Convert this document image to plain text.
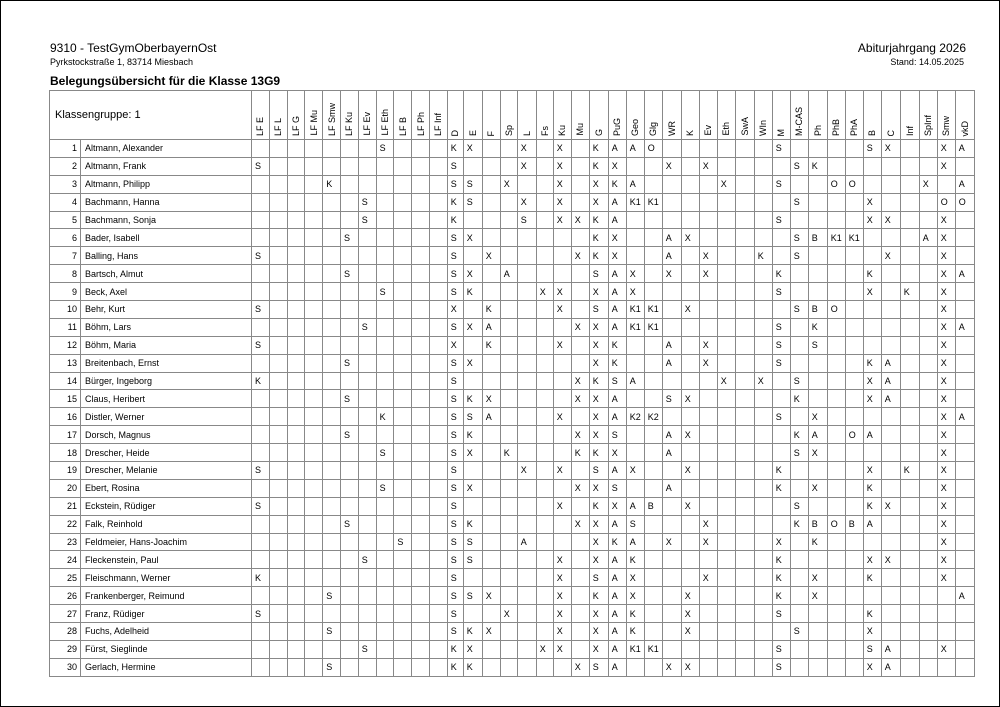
9310 - TestGymOberbayernOst
Pyrkstockstraße 1, 83714 Miesbach
Abiturjahrgang 2026
Stand: 14.05.2025
Belegungsübersicht für die Klasse 13G9
Klassengruppe: 1		LF E	LF L	LF G	LF Mu	LF Smw	LF Ku	LF Ev	LF Eth	LF B	LF Ph	LF Inf	D	E	F	Sp	L	Fs	Ku	Mu	G	PuG	Geo	Glg	WR	K	Ev	Eth	SwA	WIn	M	M-CAS	Ph	PhB	PhA	B	C	Inf	SpInf	Smw	vkD

1	Altmann, Alexander								S				K	X			X		X		K	A	A	O							S					S	X			X	A
2	Altmann, Frank	S											S				X		X		K	X			X		X					S	K							X	
3	Altmann, Philipp					K							S	S		X			X		X	K	A					X			S			O	O				X		A
4	Bachmann, Hanna							S					K	S			X		X		X	A	K1	K1								S				X				O	O
5	Bachmann, Sonja							S					K				S		X	X	K	A									S					X	X			X	
6	Bader, Isabell						S						S	X							K	X			A	X						S	B	K1	K1				A	X	
7	Balling, Hans	S											S		X					X	K	X			A		X			K		S					X			X	
8	Bartsch, Almut						S						S	X		A					S	A	X		X		X				K					K				X	A
9	Beck, Axel								S				S	K				X	X		X	A	X								S					X		K		X	
10	Behr, Kurt	S											X		K				X		S	A	K1	K1		X						S	B	O						X	
11	Böhm, Lars							S					S	X	A					X	X	A	K1	K1							S		K							X	A
12	Böhm, Maria	S											X		K				X		X	K			A		X				S		S							X	
13	Breitenbach, Ernst						S						S	X							X	K			A		X				S					K	A			X	
14	Bürger, Ingeborg	K											S							X	K	S	A					X		X		S				X	A			X	
15	Claus, Heribert						S						S	K	X					X	X	A			S	X						K				X	A			X	
16	Distler, Werner								K				S	S	A				X		X	A	K2	K2							S		X							X	A
17	Dorsch, Magnus						S						S	K						X	X	S			A	X						K	A		O	A				X	
18	Drescher, Heide								S				S	X		K				K	K	X			A							S	X							X	
19	Drescher, Melanie	S											S				X		X		S	A	X			X					K					X		K		X	
20	Ebert, Rosina								S				S	X						X	X	S			A						K		X			K				X	
21	Eckstein, Rüdiger	S											S						X		K	X	A	B		X						S				K	X			X	
22	Falk, Reinhold						S						S	K						X	X	A	S				X					K	B	O	B	A				X	
23	Feldmeier, Hans-Joachim									S			S	S			A				X	K	A		X		X				X		K							X	
24	Fleckenstein, Paul							S					S	S					X		X	A	K								K					X	X			X	
25	Fleischmann, Werner	K											S						X		S	A	X				X				K		X			K				X	
26	Frankenberger, Reimund					S							S	S	X				X		K	A	X			X					K		X								A
27	Franz, Rüdiger	S											S			X			X		X	A	K			X					S					K					
28	Fuchs, Adelheid					S							S	K	X				X		X	A	K			X						S				X					
29	Fürst, Sieglinde							S					K	X				X	X		X	A	K1	K1							S					S	A			X	
30	Gerlach, Hermine					S							K	K						X	S	A			X	X					S					X	A				
